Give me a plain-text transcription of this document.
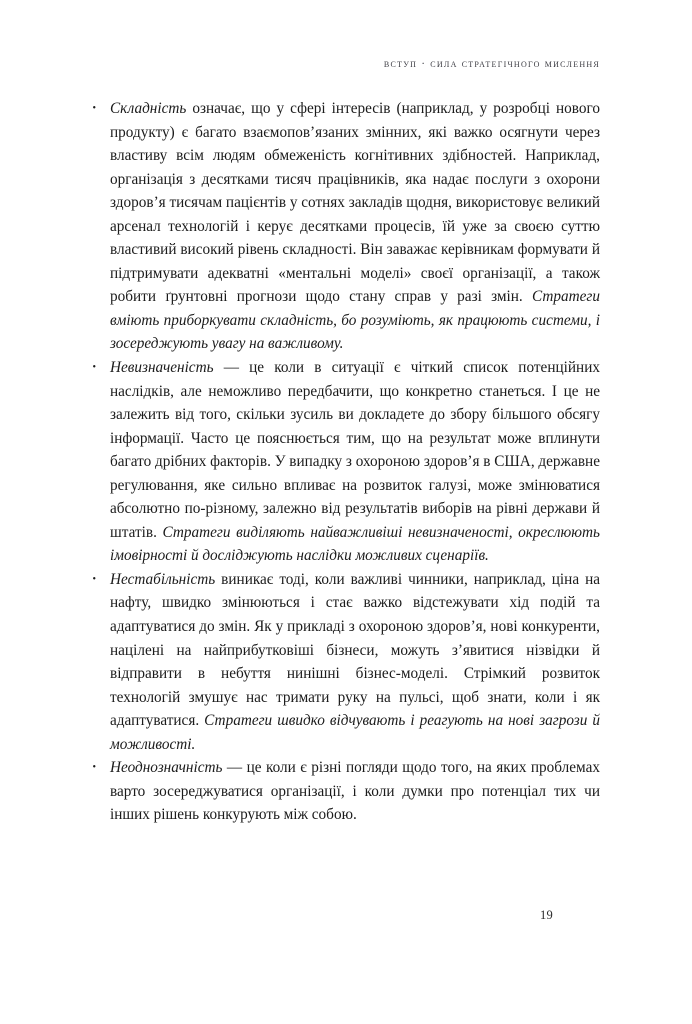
вступ · сила стратегічного мислення
• Складність означає, що у сфері інтересів (наприклад, у розробці нового продукту) є багато взаємопов’язаних змінних, які важко осягнути через властиву всім людям обмеженість когнітивних здібностей. Наприклад, організація з десятками тисяч працівників, яка надає послуги з охорони здоров’я тисячам пацієнтів у сотнях закладів щодня, використовує великий арсенал технологій і керує десятками процесів, їй уже за своєю суттю властивий високий рівень складності. Він заважає керівникам формувати й підтримувати адекватні «ментальні моделі» своєї організації, а також робити ґрунтовні прогнози щодо стану справ у разі змін. Стратеги вміють приборкувати складність, бо розуміють, як працюють системи, і зосереджують увагу на важливому.
• Невизначеність — це коли в ситуації є чіткий список потенційних наслідків, але неможливо передбачити, що конкретно станеться. І це не залежить від того, скільки зусиль ви докладете до збору більшого обсягу інформації. Часто це пояснюється тим, що на результат може вплинути багато дрібних факторів. У випадку з охороною здоров’я в США, державне регулювання, яке сильно впливає на розвиток галузі, може змінюватися абсолютно по-різному, залежно від результатів виборів на рівні держави й штатів. Стратеги виділяють найважливіші невизначеності, окреслюють імовірності й досліджують наслідки можливих сценаріїв.
• Нестабільність виникає тоді, коли важливі чинники, наприклад, ціна на нафту, швидко змінюються і стає важко відстежувати хід подій та адаптуватися до змін. Як у прикладі з охороною здоров’я, нові конкуренти, націлені на найприбутковіші бізнеси, можуть з’явитися нізвідки й відправити в небуття нинішні бізнес-моделі. Стрімкий розвиток технологій змушує нас тримати руку на пульсі, щоб знати, коли і як адаптуватися. Стратеги швидко відчувають і реагують на нові загрози й можливості.
• Неоднозначність — це коли є різні погляди щодо того, на яких проблемах варто зосереджуватися організації, і коли думки про потенціал тих чи інших рішень конкурують між собою.
19
